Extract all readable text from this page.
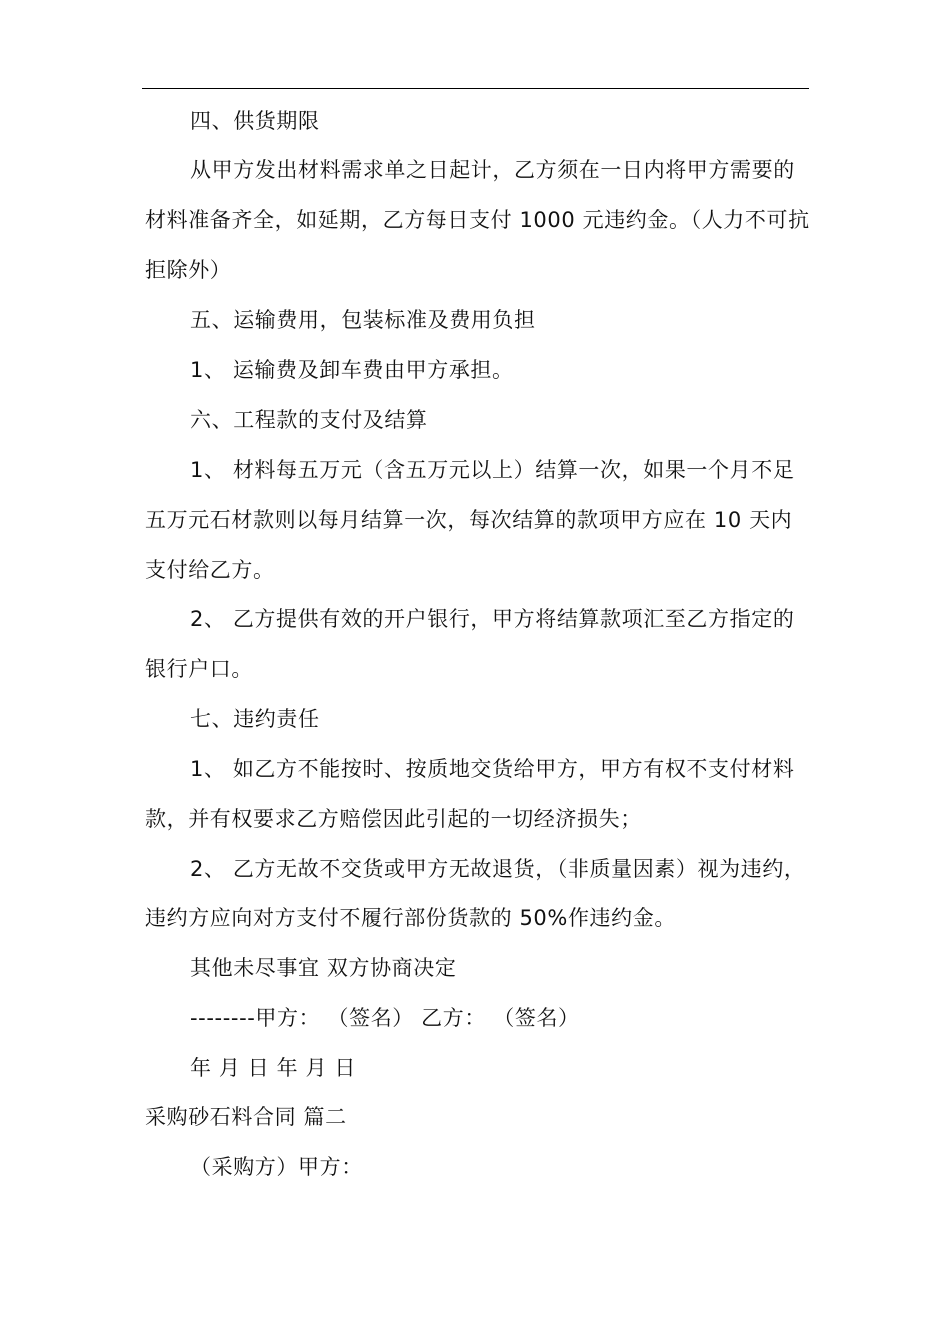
四、供货期限
从甲方发出材料需求单之日起计，乙方须在一日内将甲方需要的
材料准备齐全，如延期，乙方每日支付 1000 元违约金。（人力不可抗
拒除外）
五、运输费用，包装标准及费用负担
1、 运输费及卸车费由甲方承担。
六、工程款的支付及结算
1、 材料每五万元（含五万元以上）结算一次，如果一个月不足
五万元石材款则以每月结算一次，每次结算的款项甲方应在 10 天内
支付给乙方。
2、 乙方提供有效的开户银行，甲方将结算款项汇至乙方指定的
银行户口。
七、违约责任
1、 如乙方不能按时、按质地交货给甲方，甲方有权不支付材料
款，并有权要求乙方赔偿因此引起的一切经济损失；
2、 乙方无故不交货或甲方无故退货，（非质量因素）视为违约，
违约方应向对方支付不履行部份货款的 50%作违约金。
其他未尽事宜 双方协商决定
--------甲方： （签名） 乙方： （签名）
年 月 日 年 月 日
采购砂石料合同 篇二
（采购方）甲方：
